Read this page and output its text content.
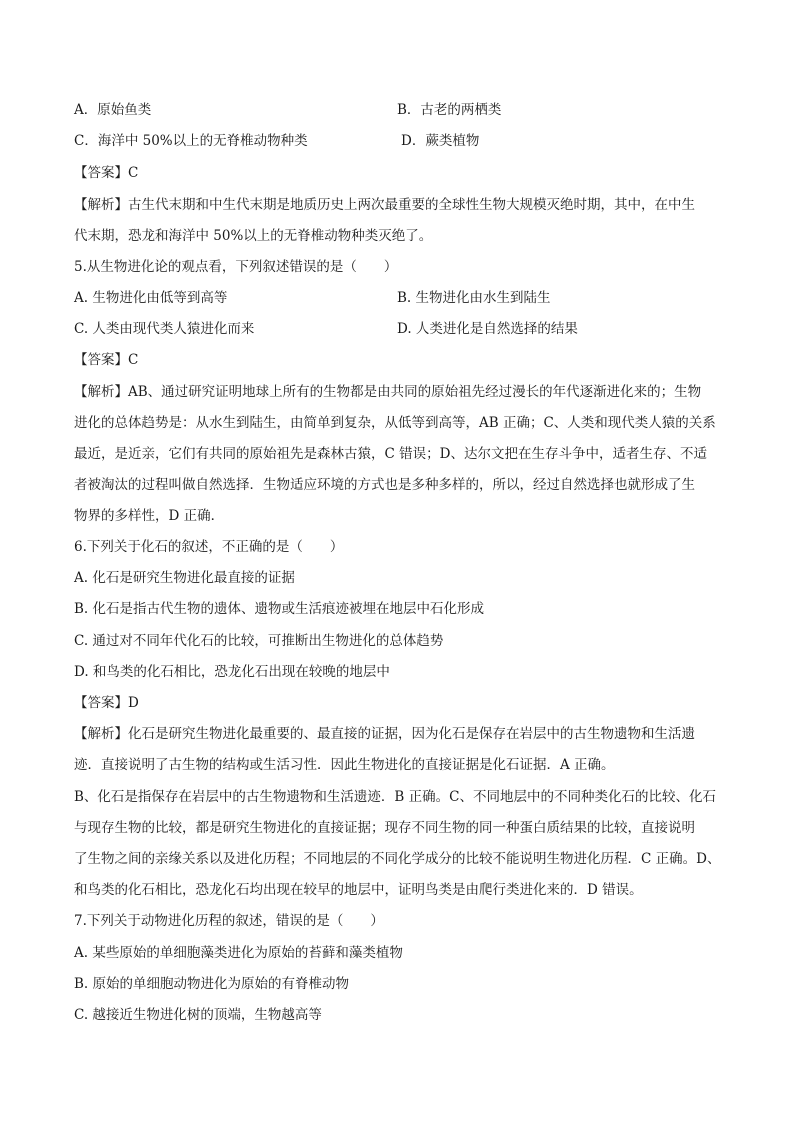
A．原始鱼类	B．古老的两栖类
C．海洋中 50%以上的无脊椎动物种类	D．蕨类植物
【答案】C
【解析】古生代末期和中生代末期是地质历史上两次最重要的全球性生物大规模灭绝时期，其中，在中生
代末期，恐龙和海洋中 50%以上的无脊椎动物种类灭绝了。
5.从生物进化论的观点看，下列叙述错误的是（　　）
A. 生物进化由低等到高等	B. 生物进化由水生到陆生
C. 人类由现代类人猿进化而来	D. 人类进化是自然选择的结果
【答案】C
【解析】AB、通过研究证明地球上所有的生物都是由共同的原始祖先经过漫长的年代逐渐进化来的；生物
进化的总体趋势是：从水生到陆生，由简单到复杂，从低等到高等，AB 正确；C、人类和现代类人猿的关系
最近，是近亲，它们有共同的原始祖先是森林古猿，C 错误；D、达尔文把在生存斗争中，适者生存、不适
者被淘汰的过程叫做自然选择．生物适应环境的方式也是多种多样的，所以，经过自然选择也就形成了生
物界的多样性，D 正确．
6.下列关于化石的叙述，不正确的是（　　）
A. 化石是研究生物进化最直接的证据
B. 化石是指古代生物的遗体、遗物或生活痕迹被埋在地层中石化形成
C. 通过对不同年代化石的比较，可推断出生物进化的总体趋势
D. 和鸟类的化石相比，恐龙化石出现在较晚的地层中
【答案】D
【解析】化石是研究生物进化最重要的、最直接的证据，因为化石是保存在岩层中的古生物遗物和生活遗
迹．直接说明了古生物的结构或生活习性．因此生物进化的直接证据是化石证据．A 正确。
B、化石是指保存在岩层中的古生物遗物和生活遗迹．B 正确。C、不同地层中的不同种类化石的比较、化石
与现存生物的比较，都是研究生物进化的直接证据；现存不同生物的同一种蛋白质结果的比较，直接说明
了生物之间的亲缘关系以及进化历程；不同地层的不同化学成分的比较不能说明生物进化历程．C 正确。D、
和鸟类的化石相比，恐龙化石均出现在较早的地层中，证明鸟类是由爬行类进化来的．D 错误。
7.下列关于动物进化历程的叙述，错误的是（　　）
A. 某些原始的单细胞藻类进化为原始的苔藓和藻类植物
B. 原始的单细胞动物进化为原始的有脊椎动物
C. 越接近生物进化树的顶端，生物越高等
